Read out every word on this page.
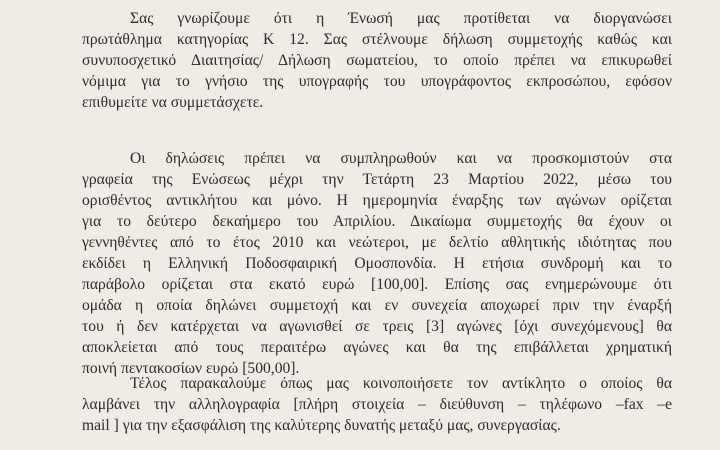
Σας γνωρίζουμε ότι η Ένωσή μας προτίθεται να διοργανώσει
πρωτάθλημα κατηγορίας Κ 12. Σας στέλνουμε δήλωση συμμετοχής καθώς και
συνυποσχετικό Διαιτησίας/ Δήλωση σωματείου, το οποίο πρέπει να επικυρωθεί
νόμιμα για το γνήσιο της υπογραφής του υπογράφοντος εκπροσώπου, εφόσον
επιθυμείτε να συμμετάσχετε.
Οι δηλώσεις πρέπει να συμπληρωθούν και να προσκομιστούν στα
γραφεία της Ενώσεως μέχρι την Τετάρτη 23 Μαρτίου 2022, μέσω του
ορισθέντος αντικλήτου και μόνο. Η ημερομηνία έναρξης των αγώνων ορίζεται
για το δεύτερο δεκαήμερο του Απριλίου. Δικαίωμα συμμετοχής θα έχουν οι
γεννηθέντες από το έτος 2010 και νεώτεροι, με δελτίο αθλητικής ιδιότητας που
εκδίδει η Ελληνική Ποδοσφαιρική Ομοσπονδία. Η ετήσια συνδρομή και το
παράβολο ορίζεται στα εκατό ευρώ [100,00]. Επίσης σας ενημερώνουμε ότι
ομάδα η οποία δηλώνει συμμετοχή και εν συνεχεία αποχωρεί πριν την έναρξή
του ή δεν κατέρχεται να αγωνισθεί σε τρεις [3] αγώνες [όχι συνεχόμενους] θα
αποκλείεται από τους περαιτέρω αγώνες και θα της επιβάλλεται χρηματική
ποινή πεντακοσίων ευρώ [500,00].
Τέλος παρακαλούμε όπως μας κοινοποιήσετε τον αντίκλητο ο οποίος θα
λαμβάνει την αλληλογραφία [πλήρη στοιχεία – διεύθυνση – τηλέφωνο –fax –e
mail ] για την εξασφάλιση της καλύτερης δυνατής μεταξύ μας, συνεργασίας.
